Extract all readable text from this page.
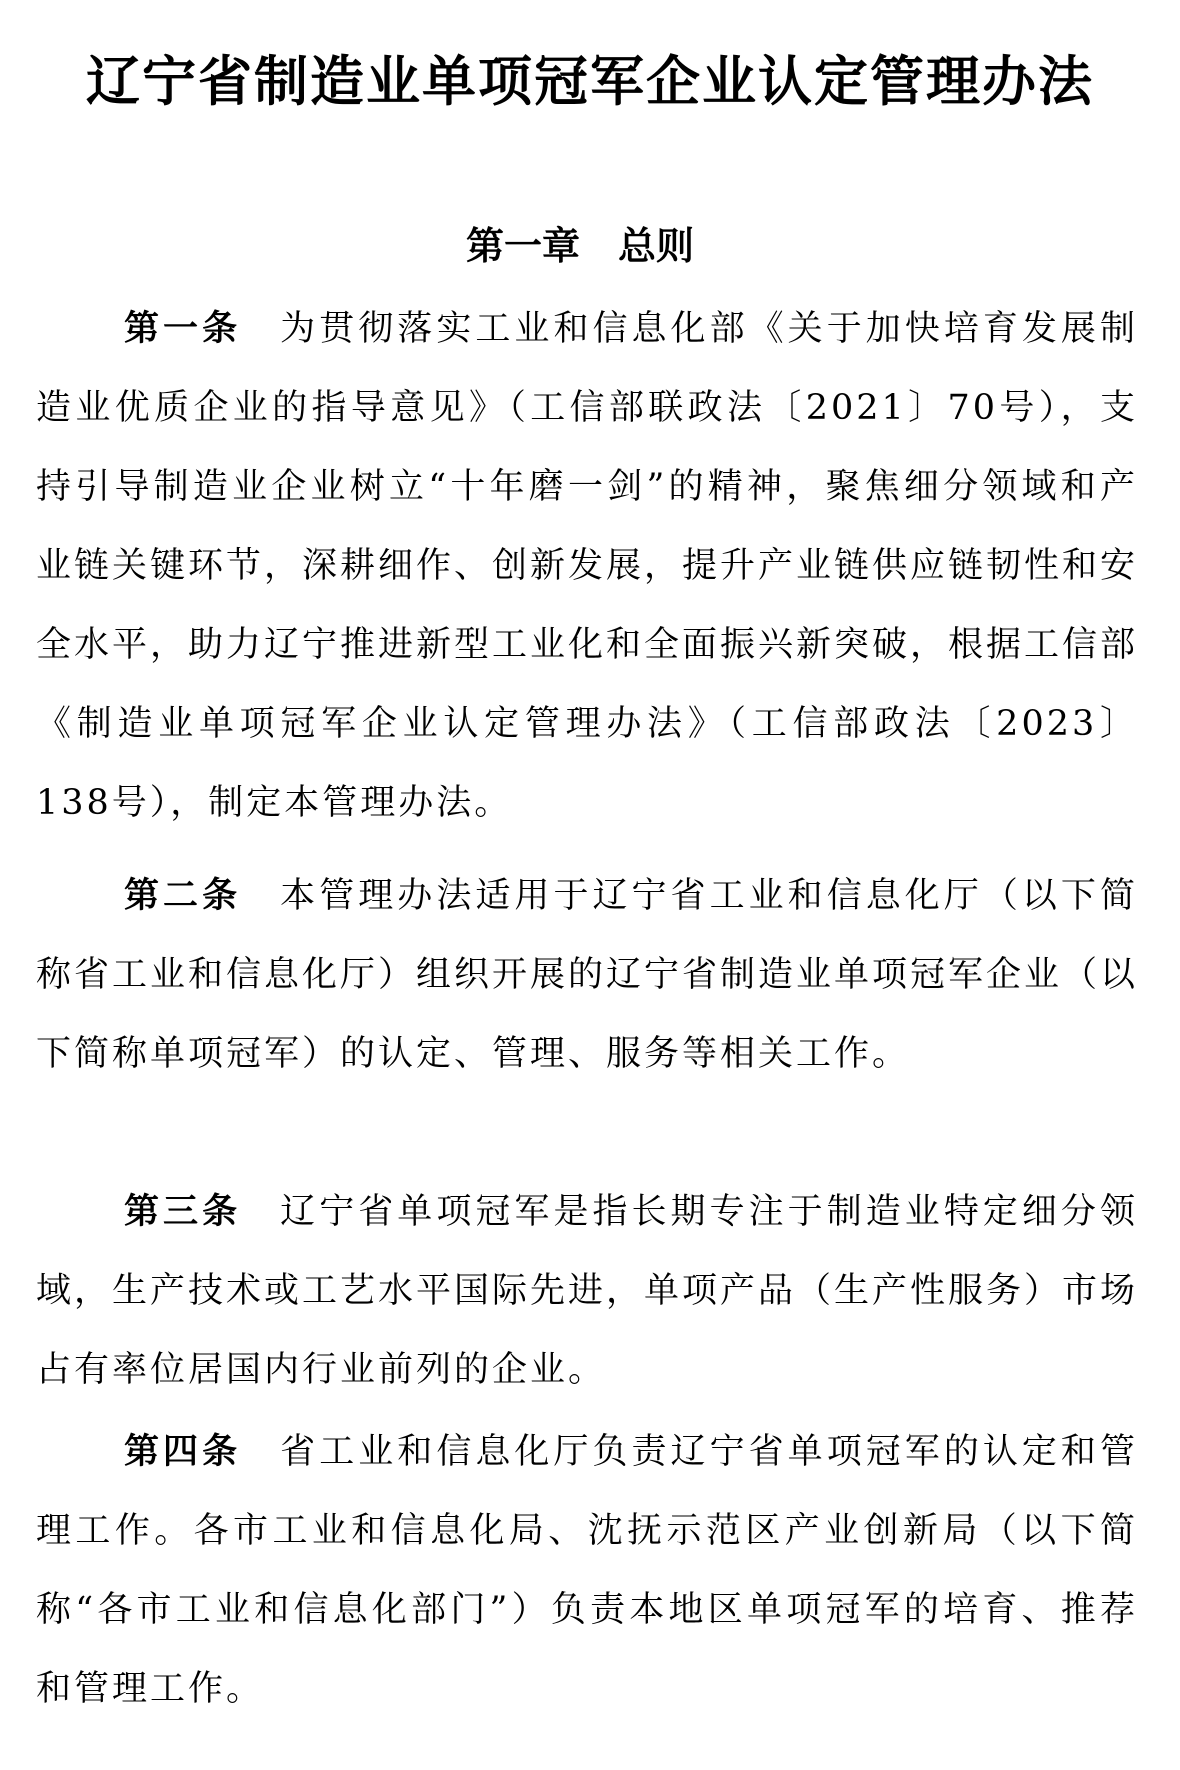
辽宁省制造业单项冠军企业认定管理办法
第一章　总则

第一条　 为贯彻落实工业和信息化部《关于加快培育发展制造业优质企业的指导意见》（工信部联政法〔2021〕70号），支持引导制造业企业树立“十年磨一剑”的精神，聚焦细分领域和产业链关键环节，深耕细作、创新发展，提升产业链供应链韧性和安全水平，助力辽宁推进新型工业化和全面振兴新突破，根据工信部《制造业单项冠军企业认定管理办法》（工信部政法〔2023〕138号），制定本管理办法。

第二条　 本管理办法适用于辽宁省工业和信息化厅（以下简称省工业和信息化厅）组织开展的辽宁省制造业单项冠军企业（以下简称单项冠军）的认定、管理、服务等相关工作。

第三条　 辽宁省单项冠军是指长期专注于制造业特定细分领域，生产技术或工艺水平国际先进，单项产品（生产性服务）市场占有率位居国内行业前列的企业。

第四条　 省工业和信息化厅负责辽宁省单项冠军的认定和管理工作。各市工业和信息化局、沈抚示范区产业创新局（以下简称“各市工业和信息化部门”）负责本地区单项冠军的培育、推荐和管理工作。
